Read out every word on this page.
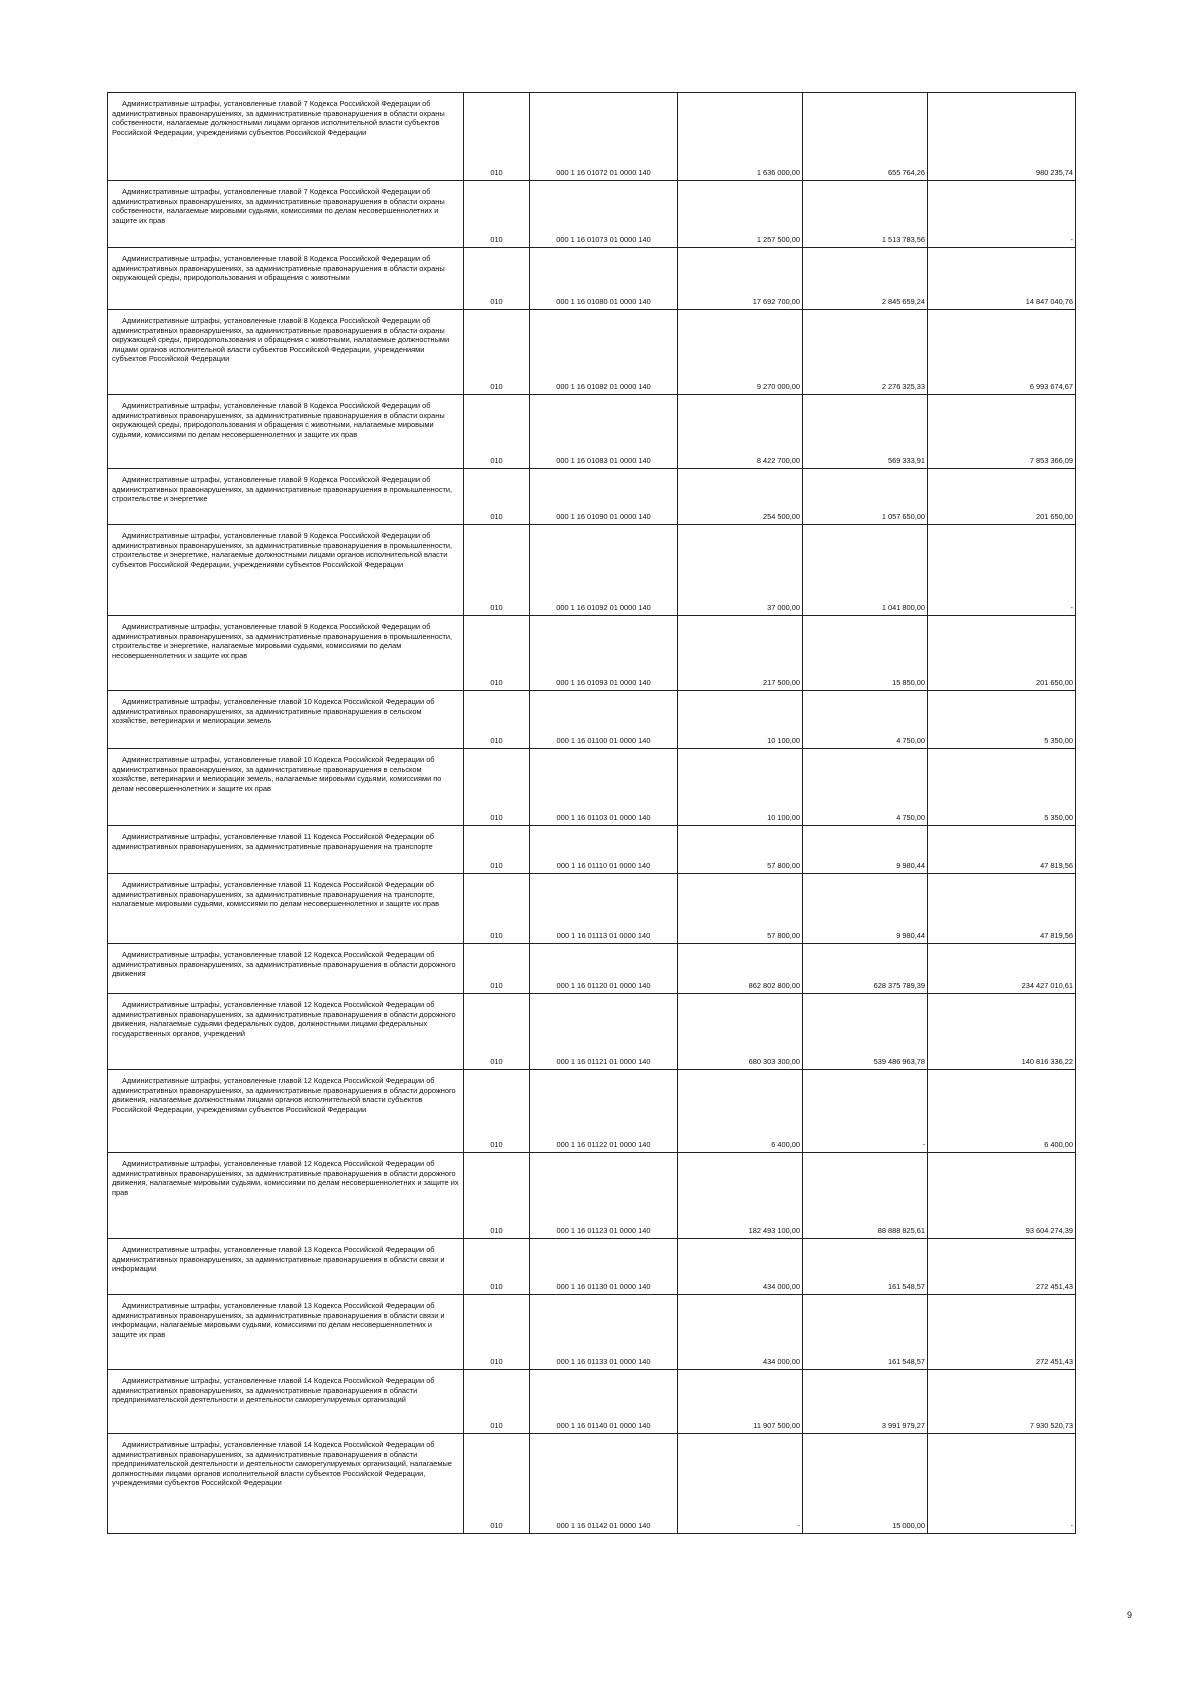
Административные штрафы, установленные главой 7 Кодекса Российской Федерации об административных правонарушениях, за административные правонарушения в области охраны собственности, налагаемые должностными лицами органов исполнительной власти субъектов Российской Федерации, учреждениями субъектов Российской Федерации	010	000 1 16 01072 01 0000 140	1 636 000,00	655 764,26	980 235,74

Административные штрафы, установленные главой 7 Кодекса Российской Федерации об административных правонарушениях, за административные правонарушения в области охраны собственности, налагаемые мировыми судьями, комиссиями по делам несовершеннолетних и защите их прав	010	000 1 16 01073 01 0000 140	1 257 500,00	1 513 783,56	-

Административные штрафы, установленные главой 8 Кодекса Российской Федерации об административных правонарушениях, за административные правонарушения в области охраны окружающей среды, природопользования и обращения с животными	010	000 1 16 01080 01 0000 140	17 692 700,00	2 845 659,24	14 847 040,76

Административные штрафы, установленные главой 8 Кодекса Российской Федерации об административных правонарушениях, за административные правонарушения в области охраны окружающей среды, природопользования и обращения с животными, налагаемые должностными лицами органов исполнительной власти субъектов Российской Федерации, учреждениями субъектов Российской Федерации	010	000 1 16 01082 01 0000 140	9 270 000,00	2 276 325,33	6 993 674,67

Административные штрафы, установленные главой 8 Кодекса Российской Федерации об административных правонарушениях, за административные правонарушения в области охраны окружающей среды, природопользования и обращения с животными, налагаемые мировыми судьями, комиссиями по делам несовершеннолетних и защите их прав	010	000 1 16 01083 01 0000 140	8 422 700,00	569 333,91	7 853 366,09

Административные штрафы, установленные главой 9 Кодекса Российской Федерации об административных правонарушениях, за административные правонарушения в промышленности, строительстве и энергетике	010	000 1 16 01090 01 0000 140	254 500,00	1 057 650,00	201 650,00

Административные штрафы, установленные главой 9 Кодекса Российской Федерации об административных правонарушениях, за административные правонарушения в промышленности, строительстве и энергетике, налагаемые должностными лицами органов исполнительной власти субъектов Российской Федерации, учреждениями субъектов Российской Федерации	010	000 1 16 01092 01 0000 140	37 000,00	1 041 800,00	-

Административные штрафы, установленные главой 9 Кодекса Российской Федерации об административных правонарушениях, за административные правонарушения в промышленности, строительстве и энергетике, налагаемые мировыми судьями, комиссиями по делам несовершеннолетних и защите их прав	010	000 1 16 01093 01 0000 140	217 500,00	15 850,00	201 650,00

Административные штрафы, установленные главой 10 Кодекса Российской Федерации об административных правонарушениях, за административные правонарушения в сельском хозяйстве, ветеринарии и мелиорации земель	010	000 1 16 01100 01 0000 140	10 100,00	4 750,00	5 350,00

Административные штрафы, установленные главой 10 Кодекса Российской Федерации об административных правонарушениях, за административные правонарушения в сельском хозяйстве, ветеринарии и мелиорации земель, налагаемые мировыми судьями, комиссиями по делам несовершеннолетних и защите их прав	010	000 1 16 01103 01 0000 140	10 100,00	4 750,00	5 350,00

Административные штрафы, установленные главой 11 Кодекса Российской Федерации об административных правонарушениях, за административные правонарушения на транспорте	010	000 1 16 01110 01 0000 140	57 800,00	9 980,44	47 819,56

Административные штрафы, установленные главой 11 Кодекса Российской Федерации об административных правонарушениях, за административные правонарушения на транспорте, налагаемые мировыми судьями, комиссиями по делам несовершеннолетних и защите их прав	010	000 1 16 01113 01 0000 140	57 800,00	9 980,44	47 819,56

Административные штрафы, установленные главой 12 Кодекса Российской Федерации об административных правонарушениях, за административные правонарушения в области дорожного движения	010	000 1 16 01120 01 0000 140	862 802 800,00	628 375 789,39	234 427 010,61

Административные штрафы, установленные главой 12 Кодекса Российской Федерации об административных правонарушениях, за административные правонарушения в области дорожного движения, налагаемые судьями федеральных судов, должностными лицами федеральных государственных органов, учреждений	010	000 1 16 01121 01 0000 140	680 303 300,00	539 486 963,78	140 816 336,22

Административные штрафы, установленные главой 12 Кодекса Российской Федерации об административных правонарушениях, за административные правонарушения в области дорожного движения, налагаемые должностными лицами органов исполнительной власти субъектов Российской Федерации, учреждениями субъектов Российской Федерации	010	000 1 16 01122 01 0000 140	6 400,00	-	6 400,00

Административные штрафы, установленные главой 12 Кодекса Российской Федерации об административных правонарушениях, за административные правонарушения в области дорожного движения, налагаемые мировыми судьями, комиссиями по делам несовершеннолетних и защите их прав	010	000 1 16 01123 01 0000 140	182 493 100,00	88 888 825,61	93 604 274,39

Административные штрафы, установленные главой 13 Кодекса Российской Федерации об административных правонарушениях, за административные правонарушения в области связи и информации	010	000 1 16 01130 01 0000 140	434 000,00	161 548,57	272 451,43

Административные штрафы, установленные главой 13 Кодекса Российской Федерации об административных правонарушениях, за административные правонарушения в области связи и информации, налагаемые мировыми судьями, комиссиями по делам несовершеннолетних и защите их прав	010	000 1 16 01133 01 0000 140	434 000,00	161 548,57	272 451,43

Административные штрафы, установленные главой 14 Кодекса Российской Федерации об административных правонарушениях, за административные правонарушения в области предпринимательской деятельности и деятельности саморегулируемых организаций	010	000 1 16 01140 01 0000 140	11 907 500,00	3 991 979,27	7 930 520,73

Административные штрафы, установленные главой 14 Кодекса Российской Федерации об административных правонарушениях, за административные правонарушения в области предпринимательской деятельности и деятельности саморегулируемых организаций, налагаемые должностными лицами органов исполнительной власти субъектов Российской Федерации, учреждениями субъектов Российской Федерации	010	000 1 16 01142 01 0000 140	-	15 000,00	-
9
